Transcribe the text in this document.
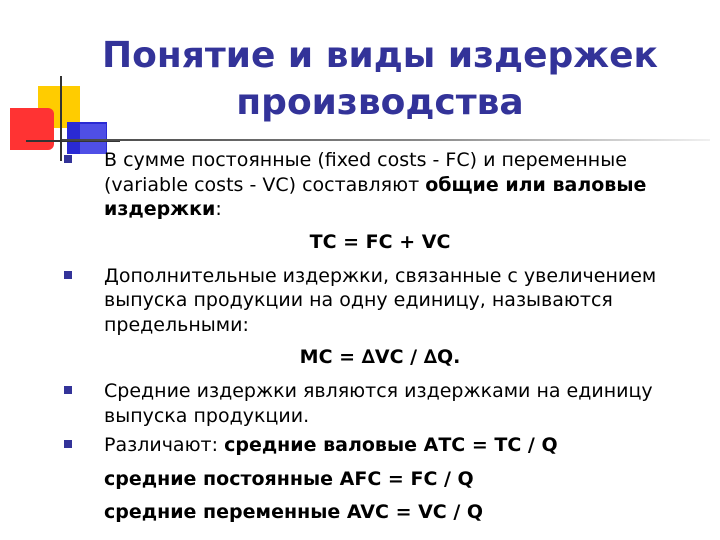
Понятие и виды издержек производства
В сумме постоянные (fixed costs - FC) и переменные (variable costs - VC) составляют общие или валовые издержки:
TC = FC + VC
Дополнительные издержки, связанные с увеличением выпуска продукции на одну единицу, называются предельными:
MC = ∆VC / ∆Q.
Средние издержки являются издержками на единицу выпуска продукции.
Различают: средние валовые АТС = ТС / Q
средние постоянные AFC = FC / Q
средние переменные AVC = VC / Q
